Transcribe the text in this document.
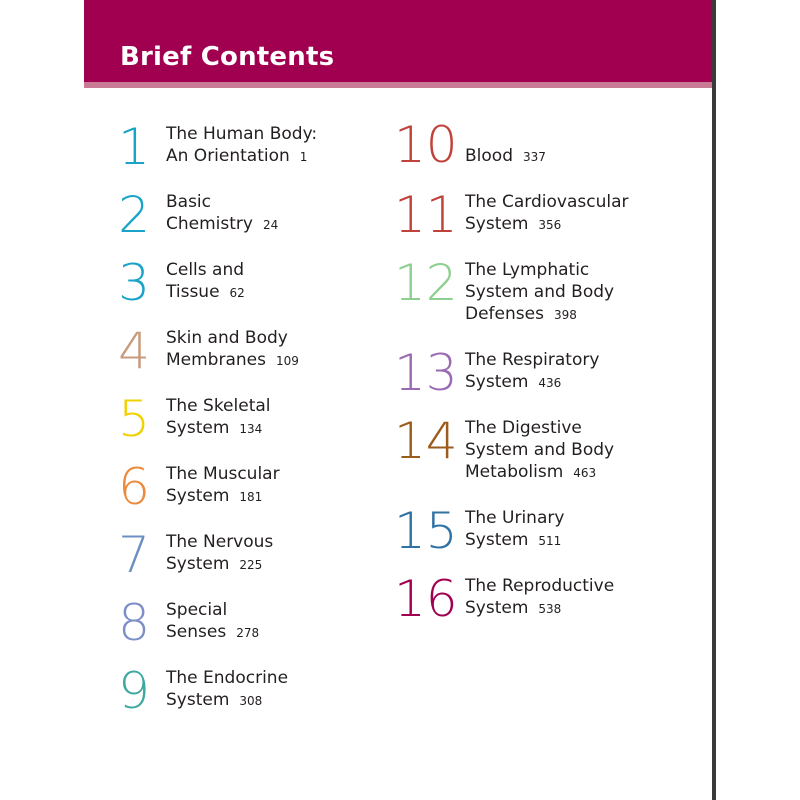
Brief Contents
1 The Human Body:
An Orientation 1
2 Basic
Chemistry 24
3 Cells and
Tissue 62
4 Skin and Body
Membranes 109
5 The Skeletal
System 134
6 The Muscular
System 181
7 The Nervous
System 225
8 Special
Senses 278
9 The Endocrine
System 308
10 Blood 337
11 The Cardiovascular
System 356
12 The Lymphatic
System and Body
Defenses 398
13 The Respiratory
System 436
14 The Digestive
System and Body
Metabolism 463
15 The Urinary
System 511
16 The Reproductive
System 538
